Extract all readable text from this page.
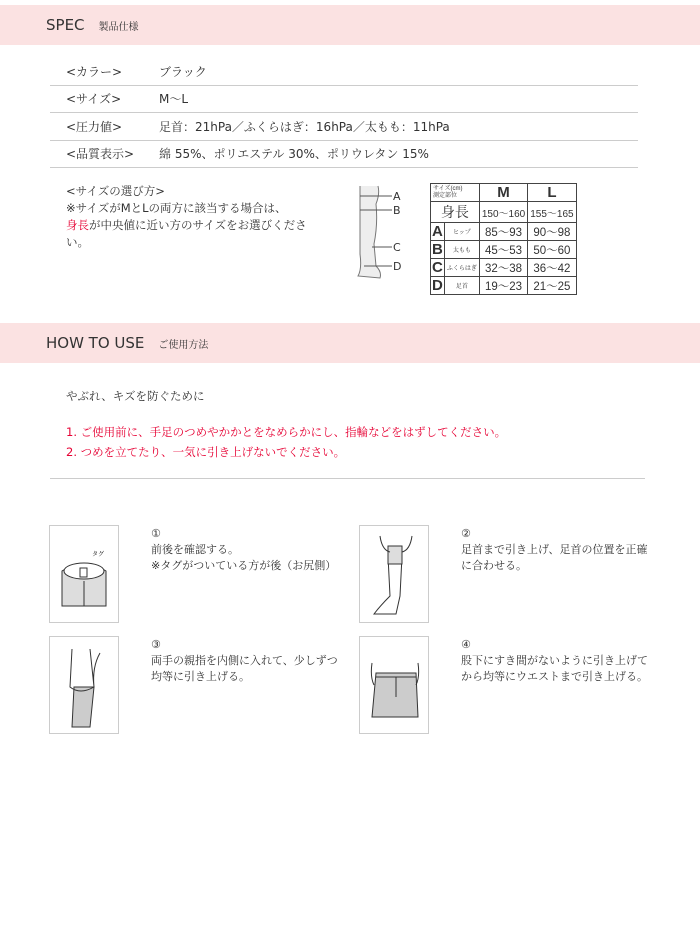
SPEC 製品仕様
<カラー>	ブラック
<サイズ>	M〜L
<圧力値>	足首：21hPa／ふくらはぎ：16hPa／太もも：11hPa
<品質表示>	綿 55%、ポリエステル 30%、ポリウレタン 15%
<サイズの選び方>
※サイズがMとLの両方に該当する場合は、
身長が中央値に近い方のサイズをお選びください。
A
B
C
D
サイズ(cm)
測定部位		M	L
身長		150〜160	155〜165
A	ヒップ	85〜93	90〜98
B	太もも	45〜53	50〜60
C	ふくらはぎ	32〜38	36〜42
D	足首	19〜23	21〜25
HOW TO USE ご使用方法
やぶれ、キズを防ぐために
1. ご使用前に、手足のつめやかかとをなめらかにし、指輪などをはずしてください。
2. つめを立てたり、一気に引き上げないでください。
タグ
①
前後を確認する。
※タグがついている方が後（お尻側）
②
足首まで引き上げ、足首の位置を正確に合わせる。
③
両手の親指を内側に入れて、少しずつ均等に引き上げる。
④
股下にすき間がないように引き上げてから均等にウエストまで引き上げる。
